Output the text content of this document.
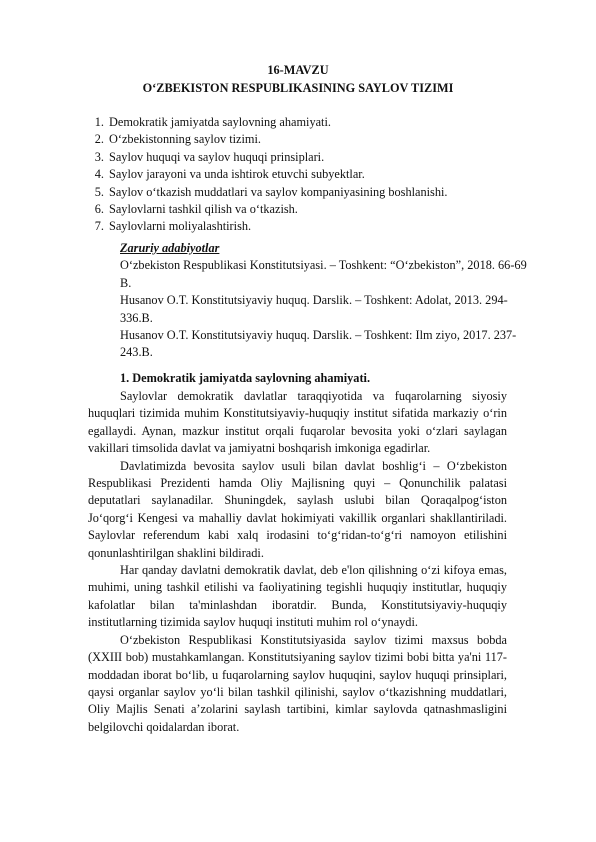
16-MAVZU
O‘ZBEKISTON RESPUBLIKASINING SAYLOV TIZIMI
1. Demokratik jamiyatda saylovning ahamiyati.
2. O‘zbekistonning saylov tizimi.
3. Saylov huquqi va saylov huquqi prinsiplari.
4. Saylov jarayoni va unda ishtirok etuvchi subyektlar.
5. Saylov o‘tkazish muddatlari va saylov kompaniyasining boshlanishi.
6. Saylovlarni tashkil qilish va o‘tkazish.
7. Saylovlarni moliyalashtirish.
Zaruriy adabiyotlar

O‘zbekiston Respublikasi Konstitutsiyasi. – Toshkent: “O‘zbekiston”, 2018. 66-69 B.

Husanov O.T. Konstitutsiyaviy huquq. Darslik. – Toshkent: Adolat, 2013. 294-336.B.

Husanov O.T. Konstitutsiyaviy huquq. Darslik. – Toshkent: Ilm ziyo, 2017. 237-243.B.

1. Demokratik jamiyatda saylovning ahamiyati.

Saylovlar demokratik davlatlar taraqqiyotida va fuqarolarning siyosiy huquqlari tizimida muhim Konstitutsiyaviy-huquqiy institut sifatida markaziy o‘rin egallaydi. Aynan, mazkur institut orqali fuqarolar bevosita yoki o‘zlari saylagan vakillari timsolida davlat va jamiyatni boshqarish imkoniga egadirlar.

Davlatimizda bevosita saylov usuli bilan davlat boshlig‘i – O‘zbekiston Respublikasi Prezidenti hamda Oliy Majlisning quyi – Qonunchilik palatasi deputatlari saylanadilar. Shuningdek, saylash uslubi bilan Qoraqalpog‘iston Jo‘qorg‘i Kengesi va mahalliy davlat hokimiyati vakillik organlari shakllantiriladi. Saylovlar referendum kabi xalq irodasini to‘g‘ridan-to‘g‘ri namoyon etilishini qonunlashtirilgan shaklini bildiradi.

Har qanday davlatni demokratik davlat, deb e'lon qilishning o‘zi kifoya emas, muhimi, uning tashkil etilishi va faoliyatining tegishli huquqiy institutlar, huquqiy kafolatlar bilan ta'minlashdan iboratdir. Bunda, Konstitutsiyaviy-huquqiy institutlarning tizimida saylov huquqi instituti muhim rol o‘ynaydi.

O‘zbekiston Respublikasi Konstitutsiyasida saylov tizimi maxsus bobda (XXIII bob) mustahkamlangan. Konstitutsiyaning saylov tizimi bobi bitta ya'ni 117-moddadan iborat bo‘lib, u fuqarolarning saylov huquqini, saylov huquqi prinsiplari, qaysi organlar saylov yo‘li bilan tashkil qilinishi, saylov o‘tkazishning muddatlari, Oliy Majlis Senati a’zolarini saylash tartibini, kimlar saylovda qatnashmasligini belgilovchi qoidalardan iborat.
